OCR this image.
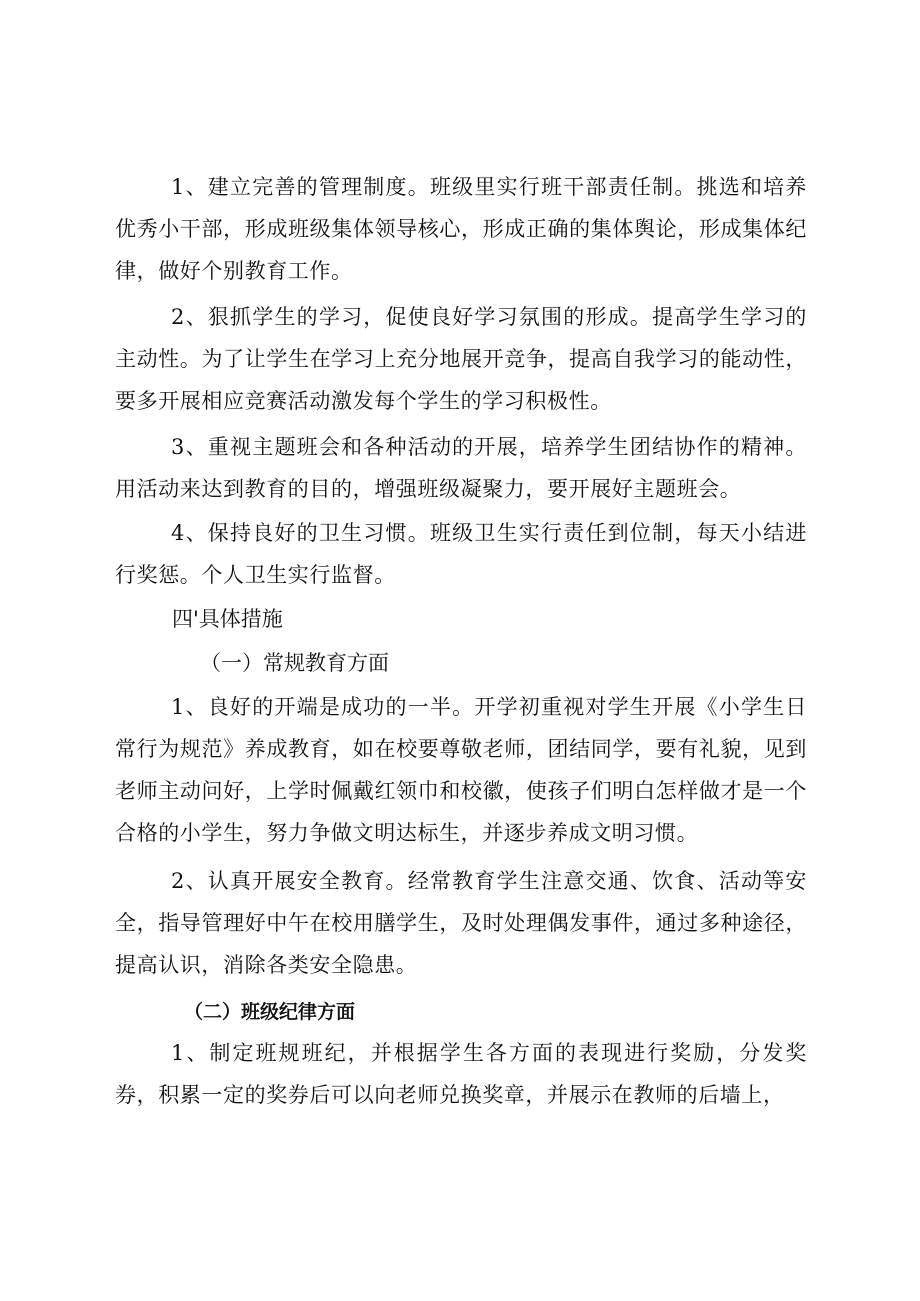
1、建立完善的管理制度。班级里实行班干部责任制。挑选和培养优秀小干部，形成班级集体领导核心，形成正确的集体舆论，形成集体纪律，做好个别教育工作。

2、狠抓学生的学习，促使良好学习氛围的形成。提高学生学习的主动性。为了让学生在学习上充分地展开竞争，提高自我学习的能动性，要多开展相应竞赛活动激发每个学生的学习积极性。

3、重视主题班会和各种活动的开展，培养学生团结协作的精神。用活动来达到教育的目的，增强班级凝聚力，要开展好主题班会。

4、保持良好的卫生习惯。班级卫生实行责任到位制，每天小结进行奖惩。个人卫生实行监督。

四'具体措施
（一）常规教育方面

1、良好的开端是成功的一半。开学初重视对学生开展《小学生日常行为规范》养成教育，如在校要尊敬老师，团结同学，要有礼貌，见到老师主动问好，上学时佩戴红领巾和校徽，使孩子们明白怎样做才是一个合格的小学生，努力争做文明达标生，并逐步养成文明习惯。

2、认真开展安全教育。经常教育学生注意交通、饮食、活动等安全，指导管理好中午在校用膳学生，及时处理偶发事件，通过多种途径，提高认识，消除各类安全隐患。

（二）班级纪律方面

1、制定班规班纪，并根据学生各方面的表现进行奖励，分发奖券，积累一定的奖券后可以向老师兑换奖章，并展示在教师的后墙上，
